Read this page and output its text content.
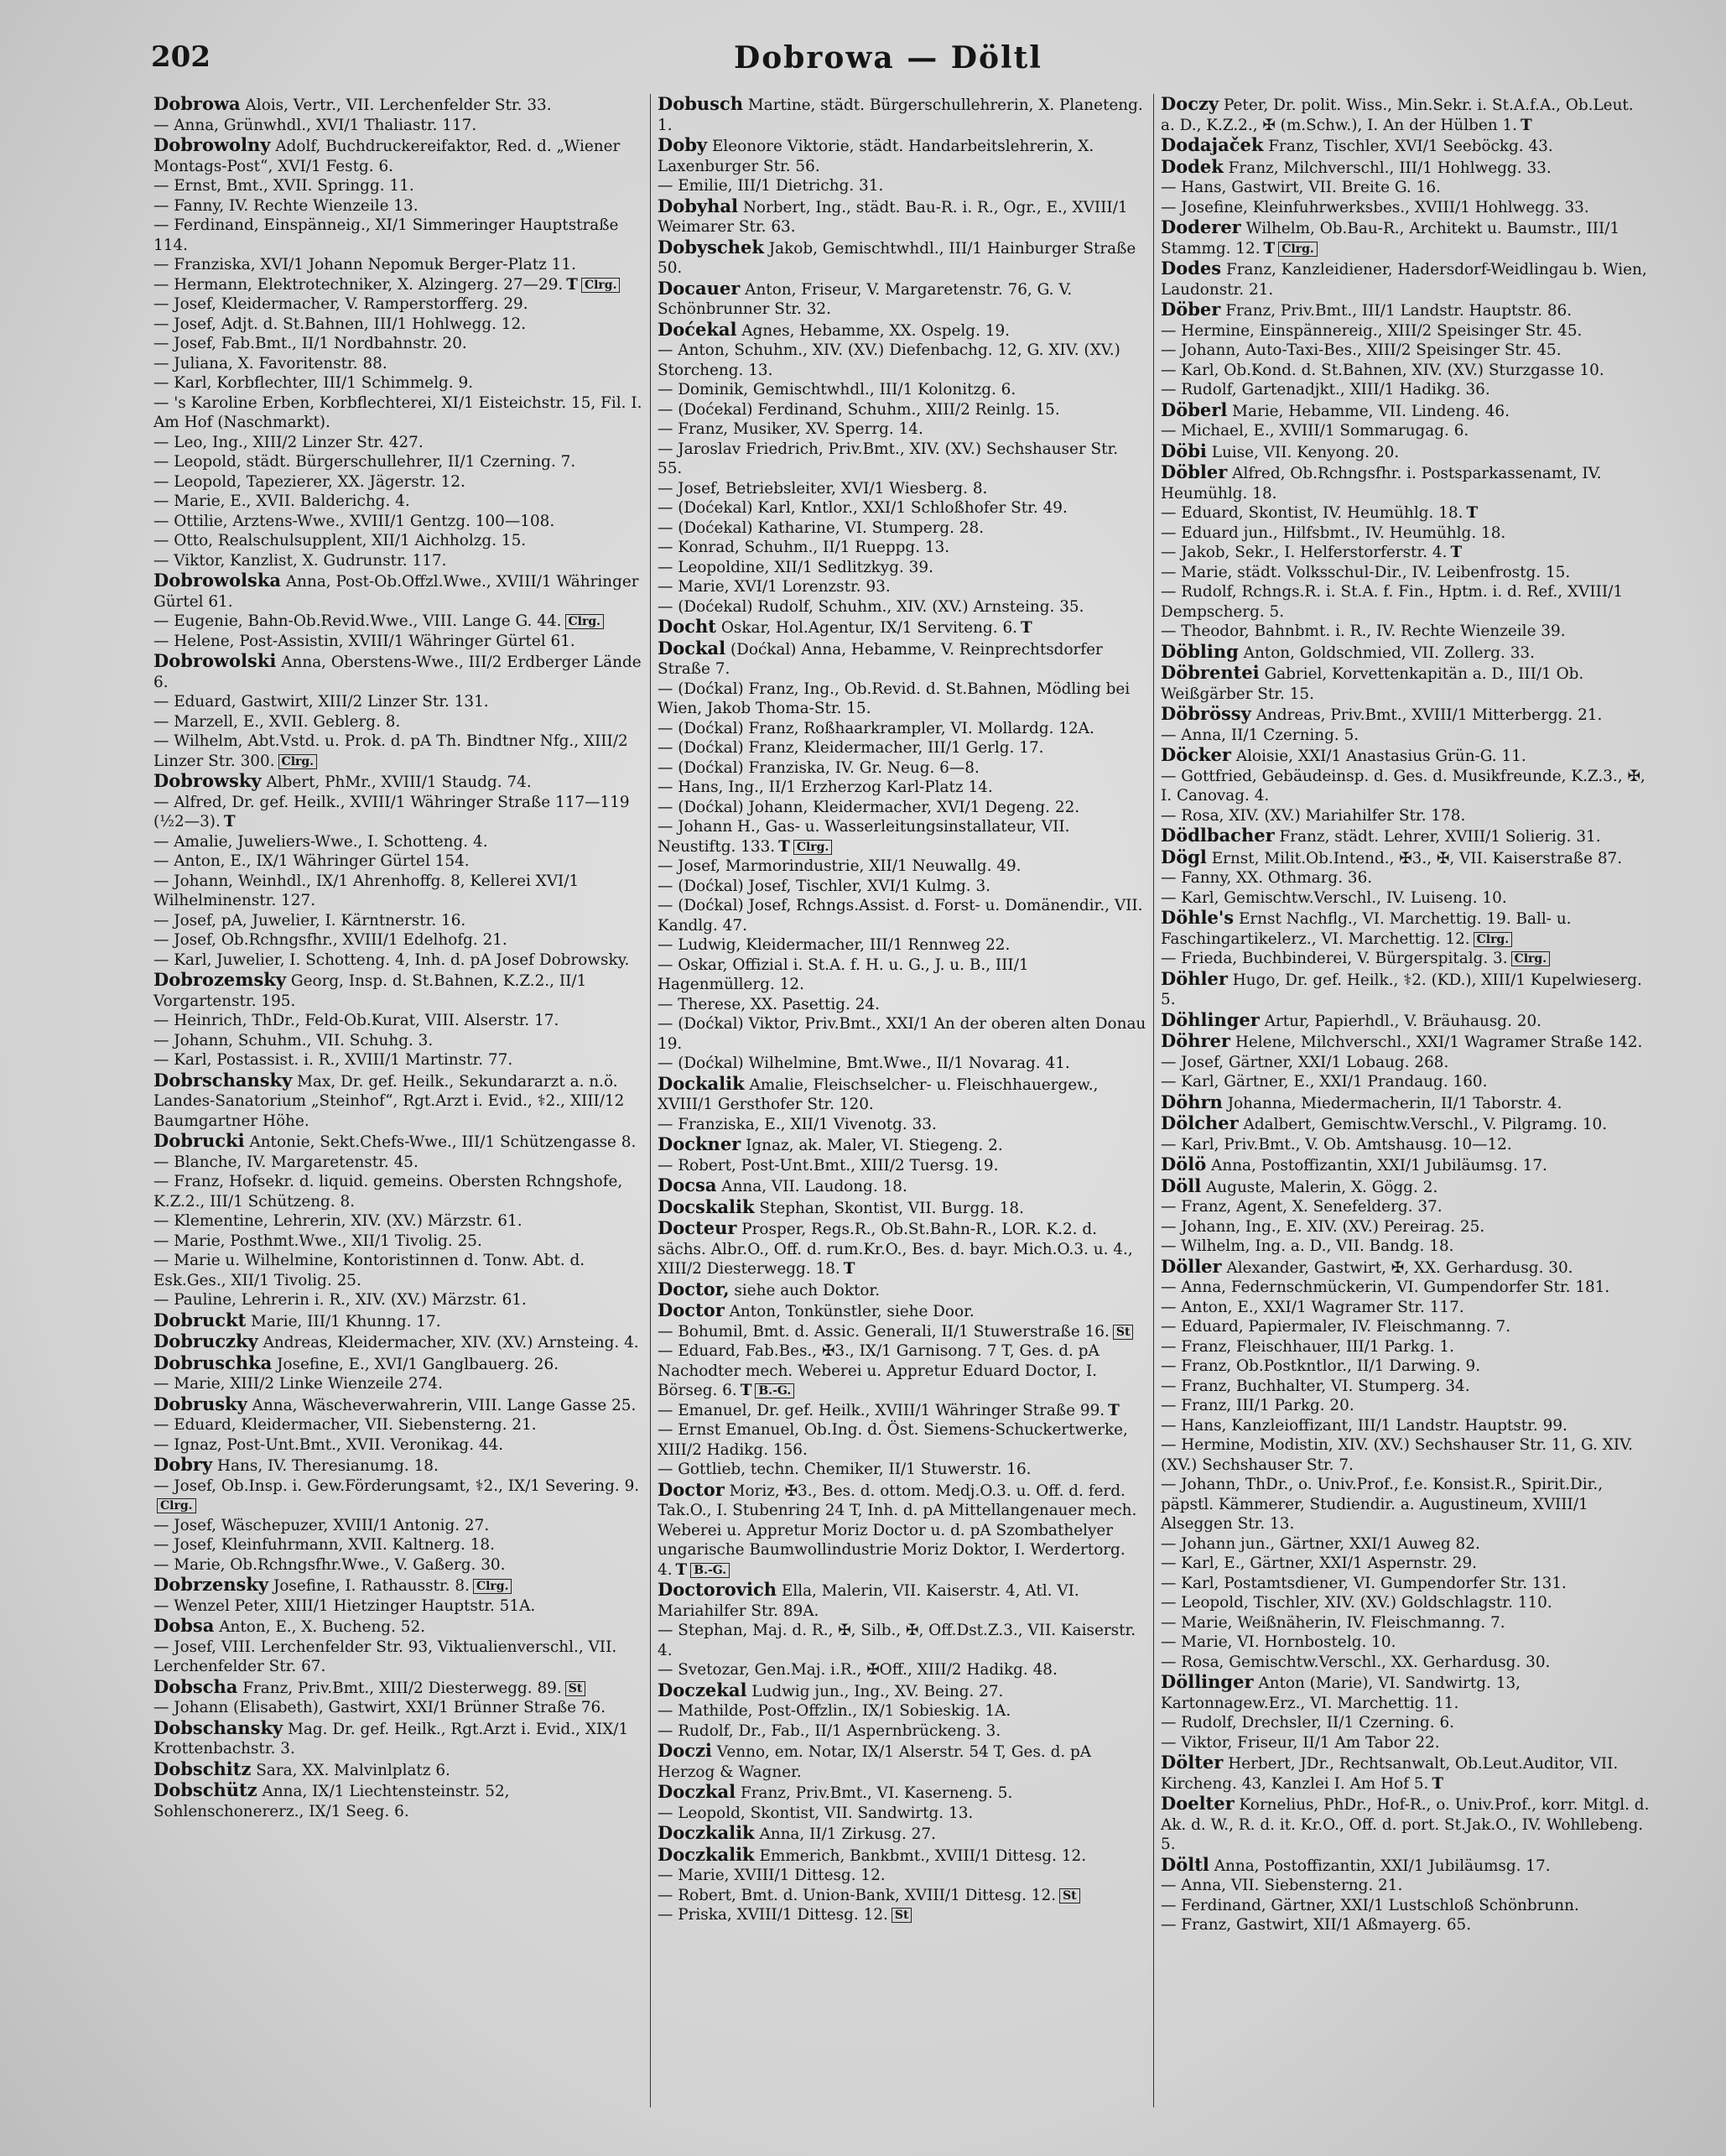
202	Dobrowa — Döltl

Dobrowa Alois, Vertr., VII. Lerchenfelder Str. 33.

— Anna, Grünwhdl., XVI/1 Thaliastr. 117.

Dobrowolny Adolf, Buchdruckereifaktor, Red. d. „Wiener Montags-Post“, XVI/1 Festg. 6.

— Ernst, Bmt., XVII. Springg. 11.

— Fanny, IV. Rechte Wienzeile 13.

— Ferdinand, Einspänneig., XI/1 Simmeringer Hauptstraße 114.

— Franziska, XVI/1 Johann Nepomuk Berger-Platz 11.

— Hermann, Elektrotechniker, X. Alzingerg. 27—29. T Clrg.

— Josef, Kleidermacher, V. Ramperstorfferg. 29.

— Josef, Adjt. d. St.Bahnen, III/1 Hohlwegg. 12.

— Josef, Fab.Bmt., II/1 Nordbahnstr. 20.

— Juliana, X. Favoritenstr. 88.

— Karl, Korbflechter, III/1 Schimmelg. 9.

— 's Karoline Erben, Korbflechterei, XI/1 Eisteichstr. 15, Fil. I. Am Hof (Naschmarkt).

— Leo, Ing., XIII/2 Linzer Str. 427.

— Leopold, städt. Bürgerschullehrer, II/1 Czerning. 7.

— Leopold, Tapezierer, XX. Jägerstr. 12.

— Marie, E., XVII. Balderichg. 4.

— Ottilie, Arztens-Wwe., XVIII/1 Gentzg. 100—108.

— Otto, Realschulsupplent, XII/1 Aichholzg. 15.

— Viktor, Kanzlist, X. Gudrunstr. 117.

Dobrowolska Anna, Post-Ob.Offzl.Wwe., XVIII/1 Währinger Gürtel 61.

— Eugenie, Bahn-Ob.Revid.Wwe., VIII. Lange G. 44. Clrg.

— Helene, Post-Assistin, XVIII/1 Währinger Gürtel 61.

Dobrowolski Anna, Oberstens-Wwe., III/2 Erdberger Lände 6.

— Eduard, Gastwirt, XIII/2 Linzer Str. 131.

— Marzell, E., XVII. Geblerg. 8.

— Wilhelm, Abt.Vstd. u. Prok. d. pA Th. Bindtner Nfg., XIII/2 Linzer Str. 300. Clrg.

Dobrowsky Albert, PhMr., XVIII/1 Staudg. 74.

— Alfred, Dr. gef. Heilk., XVIII/1 Währinger Straße 117—119 (½2—3). T

— Amalie, Juweliers-Wwe., I. Schotteng. 4.

— Anton, E., IX/1 Währinger Gürtel 154.

— Johann, Weinhdl., IX/1 Ahrenhoffg. 8, Kellerei XVI/1 Wilhelminenstr. 127.

— Josef, pA, Juwelier, I. Kärntnerstr. 16.

— Josef, Ob.Rchngsfhr., XVIII/1 Edelhofg. 21.

— Karl, Juwelier, I. Schotteng. 4, Inh. d. pA Josef Dobrowsky.

Dobrozemsky Georg, Insp. d. St.Bahnen, K.Z.2., II/1 Vorgartenstr. 195.

— Heinrich, ThDr., Feld-Ob.Kurat, VIII. Alserstr. 17.

— Johann, Schuhm., VII. Schuhg. 3.

— Karl, Postassist. i. R., XVIII/1 Martinstr. 77.

Dobrschansky Max, Dr. gef. Heilk., Sekundararzt a. n.ö. Landes-Sanatorium „Steinhof“, Rgt.Arzt i. Evid., ⚕2., XIII/12 Baumgartner Höhe.

Dobrucki Antonie, Sekt.Chefs-Wwe., III/1 Schützengasse 8.

— Blanche, IV. Margaretenstr. 45.

— Franz, Hofsekr. d. liquid. gemeins. Obersten Rchngshofe, K.Z.2., III/1 Schützeng. 8.

— Klementine, Lehrerin, XIV. (XV.) Märzstr. 61.

— Marie, Posthmt.Wwe., XII/1 Tivolig. 25.

— Marie u. Wilhelmine, Kontoristinnen d. Tonw. Abt. d. Esk.Ges., XII/1 Tivolig. 25.

— Pauline, Lehrerin i. R., XIV. (XV.) Märzstr. 61.

Dobruckt Marie, III/1 Khunng. 17.

Dobruczky Andreas, Kleidermacher, XIV. (XV.) Arnsteing. 4.

Dobruschka Josefine, E., XVI/1 Ganglbauerg. 26.

— Marie, XIII/2 Linke Wienzeile 274.

Dobrusky Anna, Wäscheverwahrerin, VIII. Lange Gasse 25.

— Eduard, Kleidermacher, VII. Siebensterng. 21.

— Ignaz, Post-Unt.Bmt., XVII. Veronikag. 44.

Dobry Hans, IV. Theresianumg. 18.

— Josef, Ob.Insp. i. Gew.Förderungsamt, ⚕2., IX/1 Severing. 9.Clrg.

— Josef, Wäschepuzer, XVIII/1 Antonig. 27.

— Josef, Kleinfuhrmann, XVII. Kaltnerg. 18.

— Marie, Ob.Rchngsfhr.Wwe., V. Gaßerg. 30.

Dobrzensky Josefine, I. Rathausstr. 8. Clrg.

— Wenzel Peter, XIII/1 Hietzinger Hauptstr. 51A.

Dobsa Anton, E., X. Bucheng. 52.

— Josef, VIII. Lerchenfelder Str. 93, Viktualienverschl., VII. Lerchenfelder Str. 67.

Dobscha Franz, Priv.Bmt., XIII/2 Diesterwegg. 89. St

— Johann (Elisabeth), Gastwirt, XXI/1 Brünner Straße 76.

Dobschansky Mag. Dr. gef. Heilk., Rgt.Arzt i. Evid., XIX/1 Krottenbachstr. 3.

Dobschitz Sara, XX. Malvinlplatz 6.

Dobschütz Anna, IX/1 Liechtensteinstr. 52, Sohlenschonererz., IX/1 Seeg. 6.

Dobusch Martine, städt. Bürgerschullehrerin, X. Planeteng. 1.

Doby Eleonore Viktorie, städt. Handarbeitslehrerin, X. Laxenburger Str. 56.

— Emilie, III/1 Dietrichg. 31.

Dobyhal Norbert, Ing., städt. Bau-R. i. R., Ogr., E., XVIII/1 Weimarer Str. 63.

Dobyschek Jakob, Gemischtwhdl., III/1 Hainburger Straße 50.

Docauer Anton, Friseur, V. Margaretenstr. 76, G. V. Schönbrunner Str. 32.

Doćekal Agnes, Hebamme, XX. Ospelg. 19.

— Anton, Schuhm., XIV. (XV.) Diefenbachg. 12, G. XIV. (XV.) Storcheng. 13.

— Dominik, Gemischtwhdl., III/1 Kolonitzg. 6.

— (Doćekal) Ferdinand, Schuhm., XIII/2 Reinlg. 15.

— Franz, Musiker, XV. Sperrg. 14.

— Jaroslav Friedrich, Priv.Bmt., XIV. (XV.) Sechshauser Str. 55.

— Josef, Betriebsleiter, XVI/1 Wiesberg. 8.

— (Doćekal) Karl, Kntlor., XXI/1 Schloßhofer Str. 49.

— (Doćekal) Katharine, VI. Stumperg. 28.

— Konrad, Schuhm., II/1 Rueppg. 13.

— Leopoldine, XII/1 Sedlitzkyg. 39.

— Marie, XVI/1 Lorenzstr. 93.

— (Doćekal) Rudolf, Schuhm., XIV. (XV.) Arnsteing. 35.

Docht Oskar, Hol.Agentur, IX/1 Serviteng. 6. T

Dockal (Doćkal) Anna, Hebamme, V. Reinprechtsdorfer Straße 7.

— (Doćkal) Franz, Ing., Ob.Revid. d. St.Bahnen, Mödling bei Wien, Jakob Thoma-Str. 15.

— (Doćkal) Franz, Roßhaarkrampler, VI. Mollardg. 12A.

— (Doćkal) Franz, Kleidermacher, III/1 Gerlg. 17.

— (Doćkal) Franziska, IV. Gr. Neug. 6—8.

— Hans, Ing., II/1 Erzherzog Karl-Platz 14.

— (Doćkal) Johann, Kleidermacher, XVI/1 Degeng. 22.

— Johann H., Gas- u. Wasserleitungsinstallateur, VII. Neustiftg. 133. T Clrg.

— Josef, Marmorindustrie, XII/1 Neuwallg. 49.

— (Doćkal) Josef, Tischler, XVI/1 Kulmg. 3.

— (Doćkal) Josef, Rchngs.Assist. d. Forst- u. Domänendir., VII. Kandlg. 47.

— Ludwig, Kleidermacher, III/1 Rennweg 22.

— Oskar, Offizial i. St.A. f. H. u. G., J. u. B., III/1 Hagenmüllerg. 12.

— Therese, XX. Pasettig. 24.

— (Doćkal) Viktor, Priv.Bmt., XXI/1 An der oberen alten Donau 19.

— (Doćkal) Wilhelmine, Bmt.Wwe., II/1 Novarag. 41.

Dockalik Amalie, Fleischselcher- u. Fleischhauergew., XVIII/1 Gersthofer Str. 120.

— Franziska, E., XII/1 Vivenotg. 33.

Dockner Ignaz, ak. Maler, VI. Stiegeng. 2.

— Robert, Post-Unt.Bmt., XIII/2 Tuersg. 19.

Docsa Anna, VII. Laudong. 18.

Docskalik Stephan, Skontist, VII. Burgg. 18.

Docteur Prosper, Regs.R., Ob.St.Bahn-R., LOR. K.2. d. sächs. Albr.O., Off. d. rum.Kr.O., Bes. d. bayr. Mich.O.3. u. 4., XIII/2 Diesterwegg. 18. T

Doctor, siehe auch Doktor.

Doctor Anton, Tonkünstler, siehe Door.

— Bohumil, Bmt. d. Assic. Generali, II/1 Stuwerstraße 16. St

— Eduard, Fab.Bes., ✠3., IX/1 Garnisong. 7 T, Ges. d. pA Nachodter mech. Weberei u. Appretur Eduard Doctor, I. Börseg. 6. T B.-G.

— Emanuel, Dr. gef. Heilk., XVIII/1 Währinger Straße 99. T

— Ernst Emanuel, Ob.Ing. d. Öst. Siemens-Schuckertwerke, XIII/2 Hadikg. 156.

— Gottlieb, techn. Chemiker, II/1 Stuwerstr. 16.

Doctor Moriz, ✠3., Bes. d. ottom. Medj.O.3. u. Off. d. ferd. Tak.O., I. Stubenring 24 T, Inh. d. pA Mittellangenauer mech. Weberei u. Appretur Moriz Doctor u. d. pA Szombathelyer ungarische Baumwollindustrie Moriz Doktor, I. Werdertorg. 4. T B.-G.

Doctorovich Ella, Malerin, VII. Kaiserstr. 4, Atl. VI. Mariahilfer Str. 89A.

— Stephan, Maj. d. R., ✠, Silb., ✠, Off.Dst.Z.3., VII. Kaiserstr. 4.

— Svetozar, Gen.Maj. i.R., ✠Off., XIII/2 Hadikg. 48.

Doczekal Ludwig jun., Ing., XV. Being. 27.

— Mathilde, Post-Offzlin., IX/1 Sobieskig. 1A.

— Rudolf, Dr., Fab., II/1 Aspernbrückeng. 3.

Doczi Venno, em. Notar, IX/1 Alserstr. 54 T, Ges. d. pA Herzog & Wagner.

Doczkal Franz, Priv.Bmt., VI. Kaserneng. 5.

— Leopold, Skontist, VII. Sandwirtg. 13.

Doczkalik Anna, II/1 Zirkusg. 27.

Doczkalik Emmerich, Bankbmt., XVIII/1 Dittesg. 12.

— Marie, XVIII/1 Dittesg. 12.

— Robert, Bmt. d. Union-Bank, XVIII/1 Dittesg. 12. St

— Priska, XVIII/1 Dittesg. 12. St

Doczy Peter, Dr. polit. Wiss., Min.Sekr. i. St.A.f.A., Ob.Leut. a. D., K.Z.2., ✠ (m.Schw.), I. An der Hülben 1. T

Dodajaček Franz, Tischler, XVI/1 Seeböckg. 43.

Dodek Franz, Milchverschl., III/1 Hohlwegg. 33.

— Hans, Gastwirt, VII. Breite G. 16.

— Josefine, Kleinfuhrwerksbes., XVIII/1 Hohlwegg. 33.

Doderer Wilhelm, Ob.Bau-R., Architekt u. Baumstr., III/1 Stammg. 12. T Clrg.

Dodes Franz, Kanzleidiener, Hadersdorf-Weidlingau b. Wien, Laudonstr. 21.

Döber Franz, Priv.Bmt., III/1 Landstr. Hauptstr. 86.

— Hermine, Einspännereig., XIII/2 Speisinger Str. 45.

— Johann, Auto-Taxi-Bes., XIII/2 Speisinger Str. 45.

— Karl, Ob.Kond. d. St.Bahnen, XIV. (XV.) Sturzgasse 10.

— Rudolf, Gartenadjkt., XIII/1 Hadikg. 36.

Döberl Marie, Hebamme, VII. Lindeng. 46.

— Michael, E., XVIII/1 Sommarugag. 6.

Döbi Luise, VII. Kenyong. 20.

Döbler Alfred, Ob.Rchngsfhr. i. Postsparkassenamt, IV. Heumühlg. 18.

— Eduard, Skontist, IV. Heumühlg. 18. T

— Eduard jun., Hilfsbmt., IV. Heumühlg. 18.

— Jakob, Sekr., I. Helferstorferstr. 4. T

— Marie, städt. Volksschul-Dir., IV. Leibenfrostg. 15.

— Rudolf, Rchngs.R. i. St.A. f. Fin., Hptm. i. d. Ref., XVIII/1 Dempscherg. 5.

— Theodor, Bahnbmt. i. R., IV. Rechte Wienzeile 39.

Döbling Anton, Goldschmied, VII. Zollerg. 33.

Döbrentei Gabriel, Korvettenkapitän a. D., III/1 Ob. Weißgärber Str. 15.

Döbrössy Andreas, Priv.Bmt., XVIII/1 Mitterbergg. 21.

— Anna, II/1 Czerning. 5.

Döcker Aloisie, XXI/1 Anastasius Grün-G. 11.

— Gottfried, Gebäudeinsp. d. Ges. d. Musikfreunde, K.Z.3., ✠, I. Canovag. 4.

— Rosa, XIV. (XV.) Mariahilfer Str. 178.

Dödlbacher Franz, städt. Lehrer, XVIII/1 Solierig. 31.

Dögl Ernst, Milit.Ob.Intend., ✠3., ✠, VII. Kaiserstraße 87.

— Fanny, XX. Othmarg. 36.

— Karl, Gemischtw.Verschl., IV. Luiseng. 10.

Döhle's Ernst Nachflg., VI. Marchettig. 19. Ball- u. Faschingartikelerz., VI. Marchettig. 12. Clrg.

— Frieda, Buchbinderei, V. Bürgerspitalg. 3. Clrg.

Döhler Hugo, Dr. gef. Heilk., ⚕2. (KD.), XIII/1 Kupelwieserg. 5.

Döhlinger Artur, Papierhdl., V. Bräuhausg. 20.

Döhrer Helene, Milchverschl., XXI/1 Wagramer Straße 142.

— Josef, Gärtner, XXI/1 Lobaug. 268.

— Karl, Gärtner, E., XXI/1 Prandaug. 160.

Döhrn Johanna, Miedermacherin, II/1 Taborstr. 4.

Dölcher Adalbert, Gemischtw.Verschl., V. Pilgramg. 10.

— Karl, Priv.Bmt., V. Ob. Amtshausg. 10—12.

Dölö Anna, Postoffizantin, XXI/1 Jubiläumsg. 17.

Döll Auguste, Malerin, X. Gögg. 2.

— Franz, Agent, X. Senefelderg. 37.

— Johann, Ing., E. XIV. (XV.) Pereirag. 25.

— Wilhelm, Ing. a. D., VII. Bandg. 18.

Döller Alexander, Gastwirt, ✠, XX. Gerhardusg. 30.

— Anna, Federnschmückerin, VI. Gumpendorfer Str. 181.

— Anton, E., XXI/1 Wagramer Str. 117.

— Eduard, Papiermaler, IV. Fleischmanng. 7.

— Franz, Fleischhauer, III/1 Parkg. 1.

— Franz, Ob.Postkntlor., II/1 Darwing. 9.

— Franz, Buchhalter, VI. Stumperg. 34.

— Franz, III/1 Parkg. 20.

— Hans, Kanzleioffizant, III/1 Landstr. Hauptstr. 99.

— Hermine, Modistin, XIV. (XV.) Sechshauser Str. 11, G. XIV. (XV.) Sechshauser Str. 7.

— Johann, ThDr., o. Univ.Prof., f.e. Konsist.R., Spirit.Dir., päpstl. Kämmerer, Studiendir. a. Augustineum, XVIII/1 Alseggen Str. 13.

— Johann jun., Gärtner, XXI/1 Auweg 82.

— Karl, E., Gärtner, XXI/1 Aspernstr. 29.

— Karl, Postamtsdiener, VI. Gumpendorfer Str. 131.

— Leopold, Tischler, XIV. (XV.) Goldschlagstr. 110.

— Marie, Weißnäherin, IV. Fleischmanng. 7.

— Marie, VI. Hornbostelg. 10.

— Rosa, Gemischtw.Verschl., XX. Gerhardusg. 30.

Döllinger Anton (Marie), VI. Sandwirtg. 13, Kartonnagew.Erz., VI. Marchettig. 11.

— Rudolf, Drechsler, II/1 Czerning. 6.

— Viktor, Friseur, II/1 Am Tabor 22.

Dölter Herbert, JDr., Rechtsanwalt, Ob.Leut.Auditor, VII. Kircheng. 43, Kanzlei I. Am Hof 5. T

Doelter Kornelius, PhDr., Hof-R., o. Univ.Prof., korr. Mitgl. d. Ak. d. W., R. d. it. Kr.O., Off. d. port. St.Jak.O., IV. Wohllebeng. 5.

Döltl Anna, Postoffizantin, XXI/1 Jubiläumsg. 17.

— Anna, VII. Siebensterng. 21.

— Ferdinand, Gärtner, XXI/1 Lustschloß Schönbrunn.

— Franz, Gastwirt, XII/1 Aßmayerg. 65.
